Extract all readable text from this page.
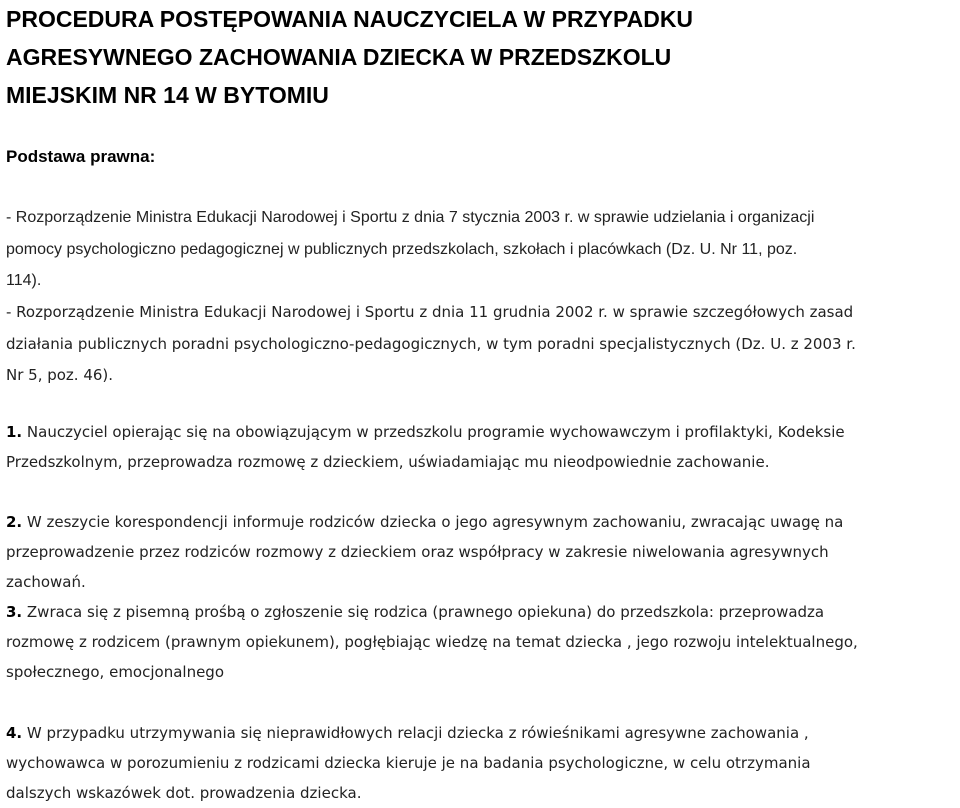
PROCEDURA POSTĘPOWANIA NAUCZYCIELA W PRZYPADKU
AGRESYWNEGO ZACHOWANIA DZIECKA W PRZEDSZKOLU
MIEJSKIM NR 14 W BYTOMIU
Podstawa prawna:
- Rozporządzenie Ministra Edukacji Narodowej i Sportu z dnia 7 stycznia 2003 r. w sprawie udzielania i organizacji
pomocy psychologiczno pedagogicznej w publicznych przedszkolach, szkołach i placówkach (Dz. U. Nr 11, poz.
114).
- Rozporządzenie Ministra Edukacji Narodowej i Sportu z dnia 11 grudnia 2002 r. w sprawie szczegółowych zasad
działania publicznych poradni psychologiczno-pedagogicznych, w tym poradni specjalistycznych (Dz. U. z 2003 r.
Nr 5, poz. 46).
1. Nauczyciel opierając się na obowiązującym w przedszkolu programie wychowawczym i profilaktyki, Kodeksie
Przedszkolnym, przeprowadza rozmowę z dzieckiem, uświadamiając mu nieodpowiednie zachowanie.
2. W zeszycie korespondencji informuje rodziców dziecka o jego agresywnym zachowaniu, zwracając uwagę na
przeprowadzenie przez rodziców rozmowy z dzieckiem oraz współpracy w zakresie niwelowania agresywnych
zachowań.
3. Zwraca się z pisemną prośbą o zgłoszenie się rodzica (prawnego opiekuna) do przedszkola: przeprowadza
rozmowę z rodzicem (prawnym opiekunem), pogłębiając wiedzę na temat dziecka , jego rozwoju intelektualnego,
społecznego, emocjonalnego
4. W przypadku utrzymywania się nieprawidłowych relacji dziecka z rówieśnikami agresywne zachowania ,
wychowawca w porozumieniu z rodzicami dziecka kieruje je na badania psychologiczne, w celu otrzymania
dalszych wskazówek dot. prowadzenia dziecka.
